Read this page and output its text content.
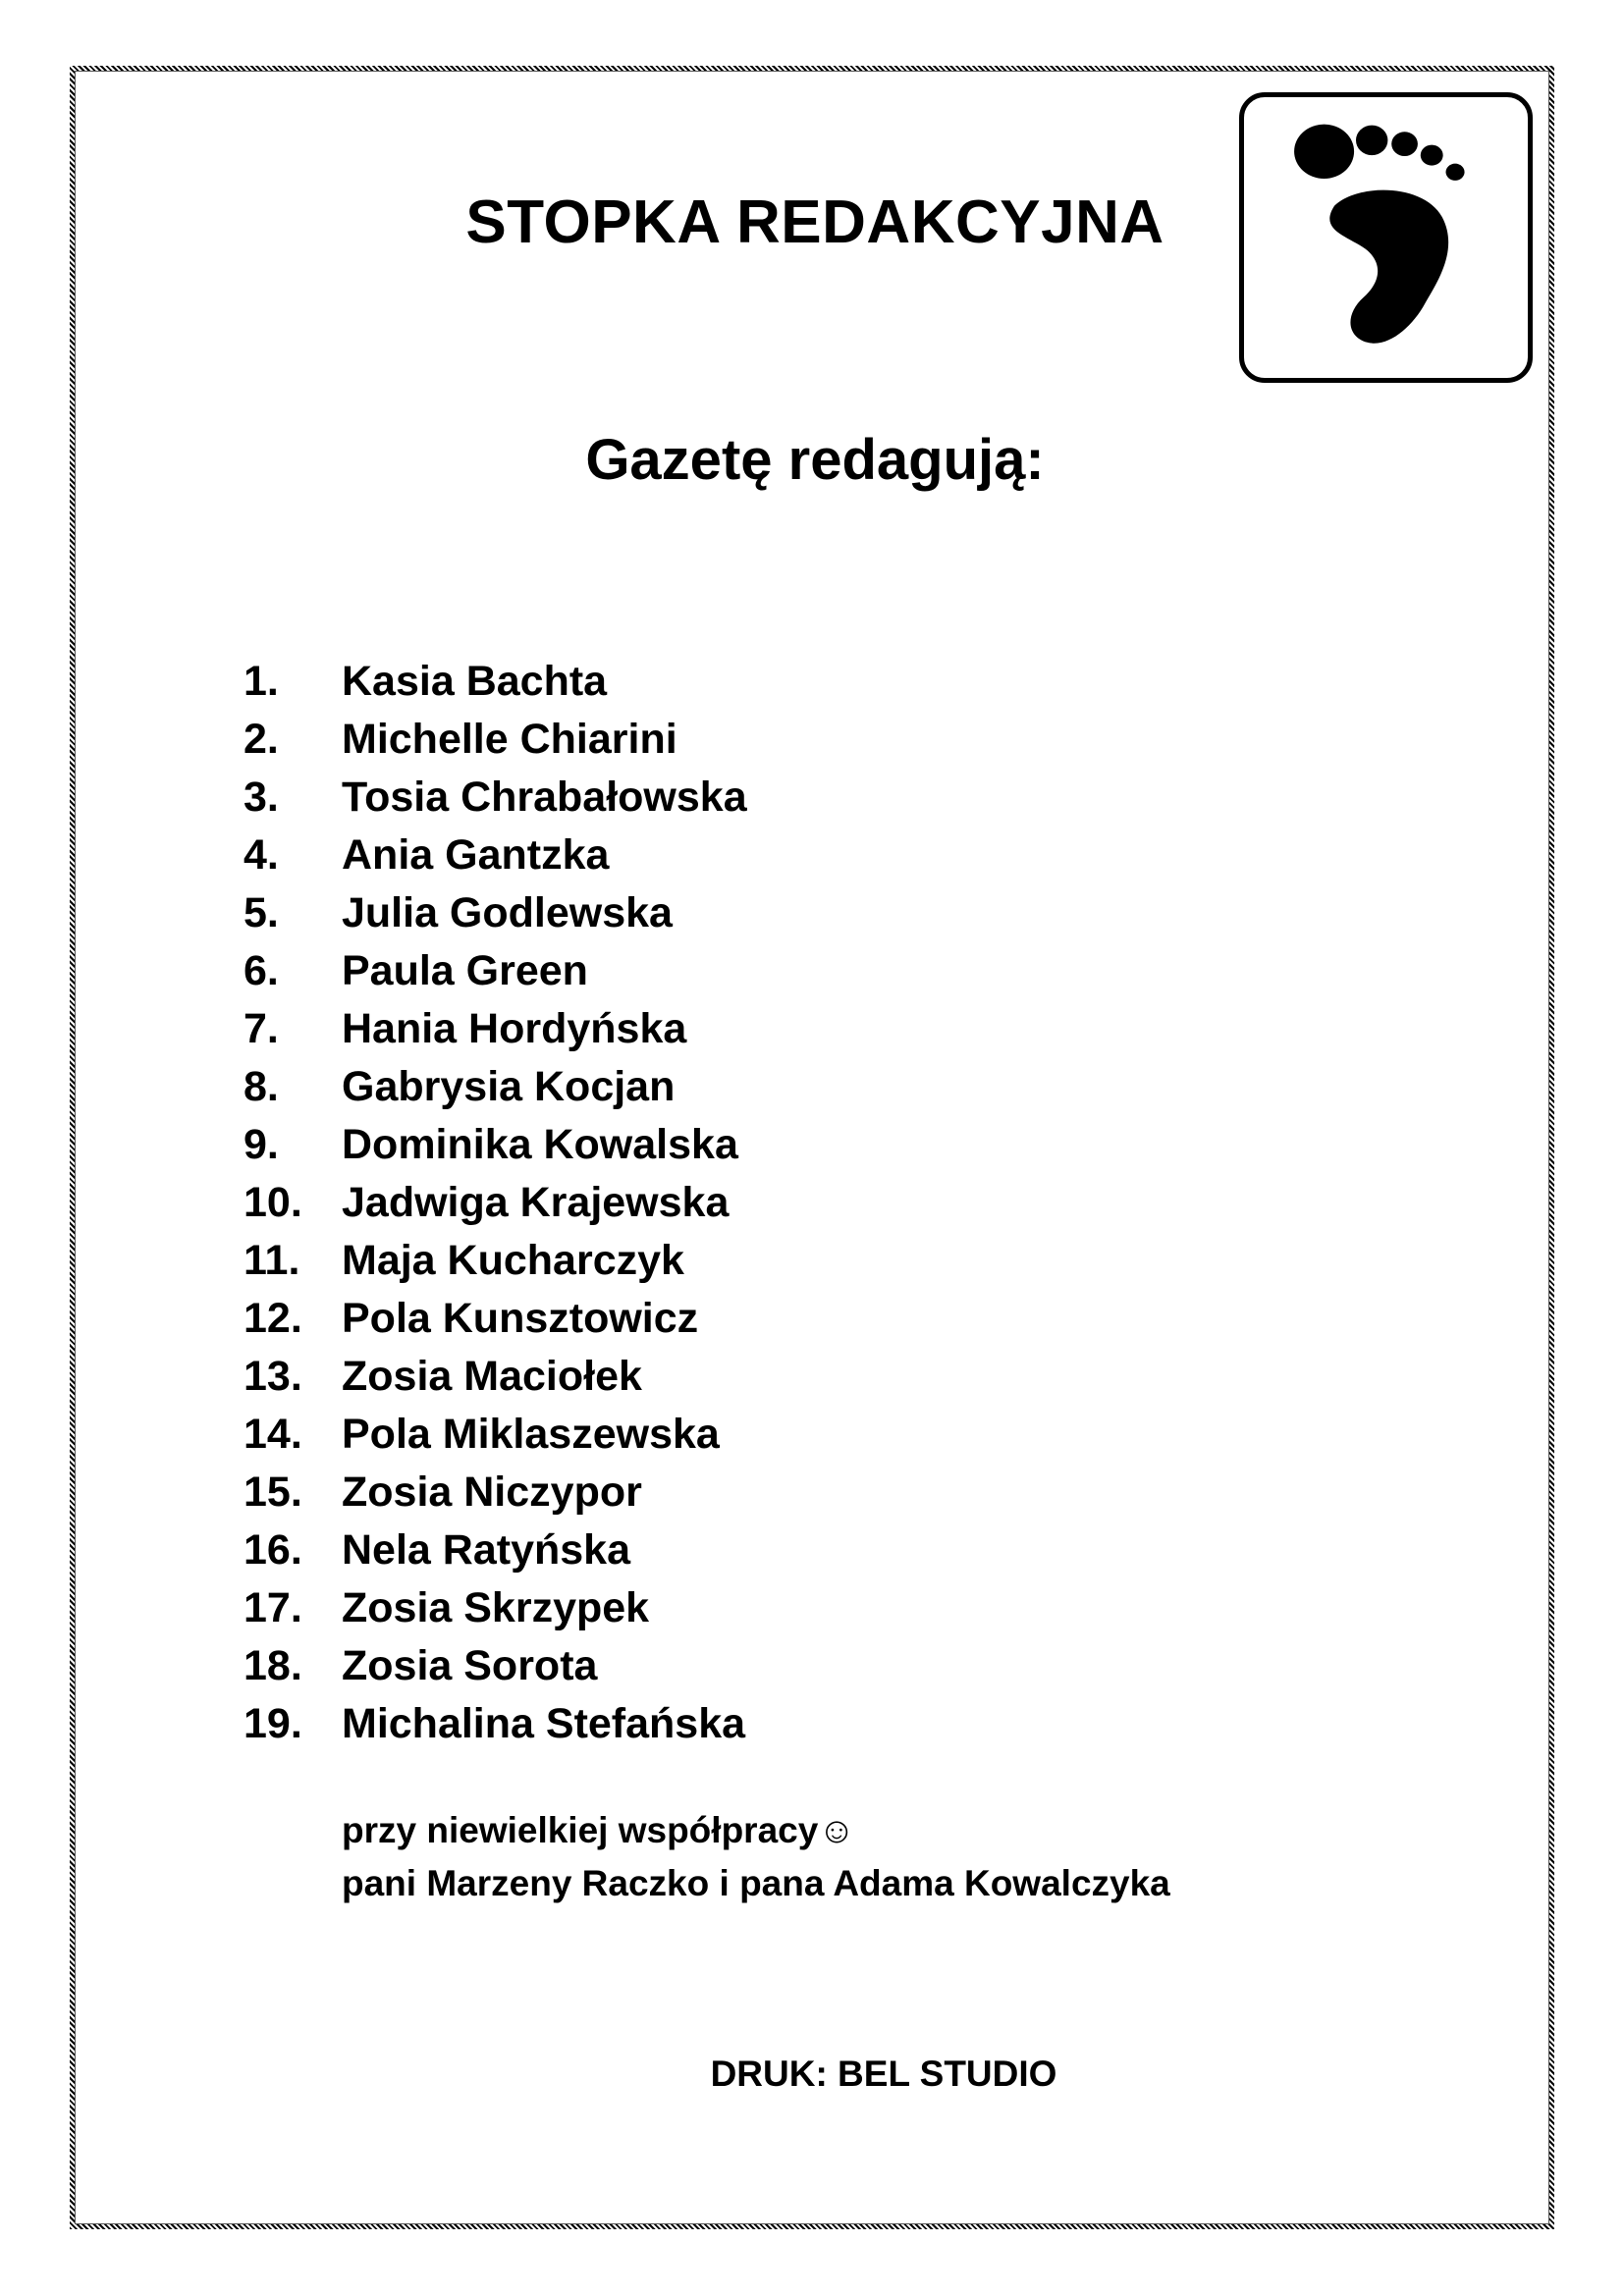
STOPKA REDAKCYJNA
Gazetę redagują:
1.	Kasia Bachta
2.	Michelle Chiarini
3.	Tosia Chrabałowska
4.	Ania Gantzka
5.	Julia Godlewska
6.	Paula Green
7.	Hania Hordyńska
8.	Gabrysia Kocjan
9.	Dominika Kowalska
10. Jadwiga Krajewska
11. Maja Kucharczyk
12. Pola Kunsztowicz
13. Zosia Maciołek
14. Pola Miklaszewska
15. Zosia Niczypor
16. Nela Ratyńska
17. Zosia Skrzypek
18. Zosia Sorota
19. Michalina Stefańska

przy niewielkiej współpracy☺

pani Marzeny Raczko i pana Adama Kowalczyka

DRUK: BEL STUDIO
